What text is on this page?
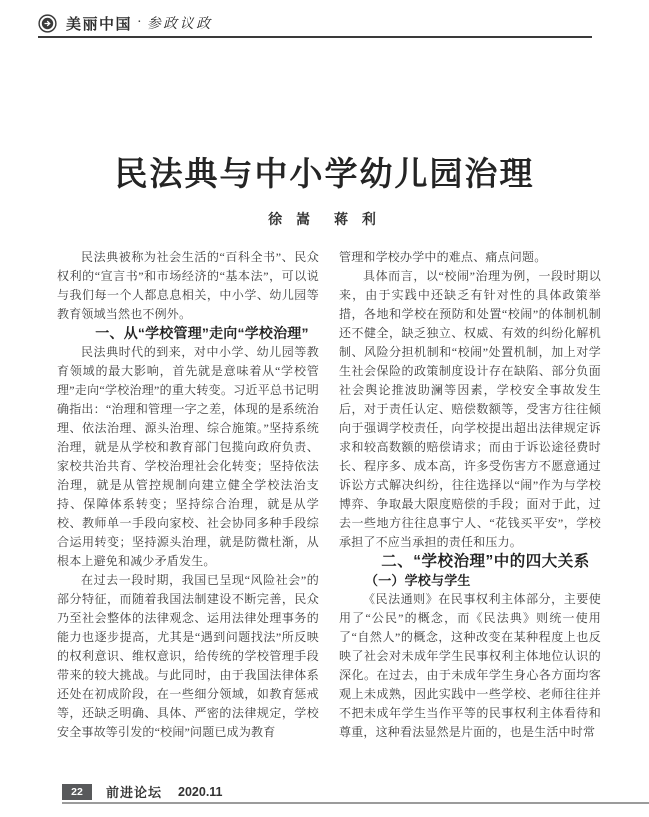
美丽中国 · 参政议政
民法典与中小学幼儿园治理
徐 嵩　蒋 利

民法典被称为社会生活的“百科全书”、民众权利的“宣言书”和市场经济的“基本法”，可以说与我们每一个人都息息相关，中小学、幼儿园等教育领域当然也不例外。

一、从“学校管理”走向“学校治理”

民法典时代的到来，对中小学、幼儿园等教育领域的最大影响，首先就是意味着从“学校管理”走向“学校治理”的重大转变。习近平总书记明确指出：“治理和管理一字之差，体现的是系统治理、依法治理、源头治理、综合施策。”坚持系统治理，就是从学校和教育部门包揽向政府负责、家校共治共育、学校治理社会化转变；坚持依法治理，就是从管控规制向建立健全学校法治支持、保障体系转变；坚持综合治理，就是从学校、教师单一手段向家校、社会协同多种手段综合运用转变；坚持源头治理，就是防微杜渐，从根本上避免和减少矛盾发生。

在过去一段时期，我国已呈现“风险社会”的部分特征，而随着我国法制建设不断完善，民众乃至社会整体的法律观念、运用法律处理事务的能力也逐步提高，尤其是“遇到问题找法”所反映的权利意识、维权意识，给传统的学校管理手段带来的较大挑战。与此同时，由于我国法律体系还处在初成阶段，在一些细分领域，如教育惩戒等，还缺乏明确、具体、严密的法律规定，学校安全事故等引发的“校闹”问题已成为教育

管理和学校办学中的难点、痛点问题。

具体而言，以“校闹”治理为例，一段时期以来，由于实践中还缺乏有针对性的具体政策举措，各地和学校在预防和处置“校闹”的体制机制还不健全，缺乏独立、权威、有效的纠纷化解机制、风险分担机制和“校闹”处置机制，加上对学生社会保险的政策制度设计存在缺陷、部分负面社会舆论推波助澜等因素，学校安全事故发生后，对于责任认定、赔偿数额等，受害方往往倾向于强调学校责任，向学校提出超出法律规定诉求和较高数额的赔偿请求；而由于诉讼途径费时长、程序多、成本高，许多受伤害方不愿意通过诉讼方式解决纠纷，往往选择以“闹”作为与学校博弈、争取最大限度赔偿的手段；面对于此，过去一些地方往往息事宁人、“花钱买平安”，学校承担了不应当承担的责任和压力。

二、“学校治理”中的四大关系

（一）学校与学生

《民法通则》在民事权利主体部分，主要使用了“公民”的概念，而《民法典》则统一使用了“自然人”的概念，这种改变在某种程度上也反映了社会对未成年学生民事权利主体地位认识的深化。在过去，由于未成年学生身心各方面均客观上未成熟，因此实践中一些学校、老师往往并不把未成年学生当作平等的民事权利主体看待和尊重，这种看法显然是片面的，也是生活中时常

22	前进论坛 2020.11
